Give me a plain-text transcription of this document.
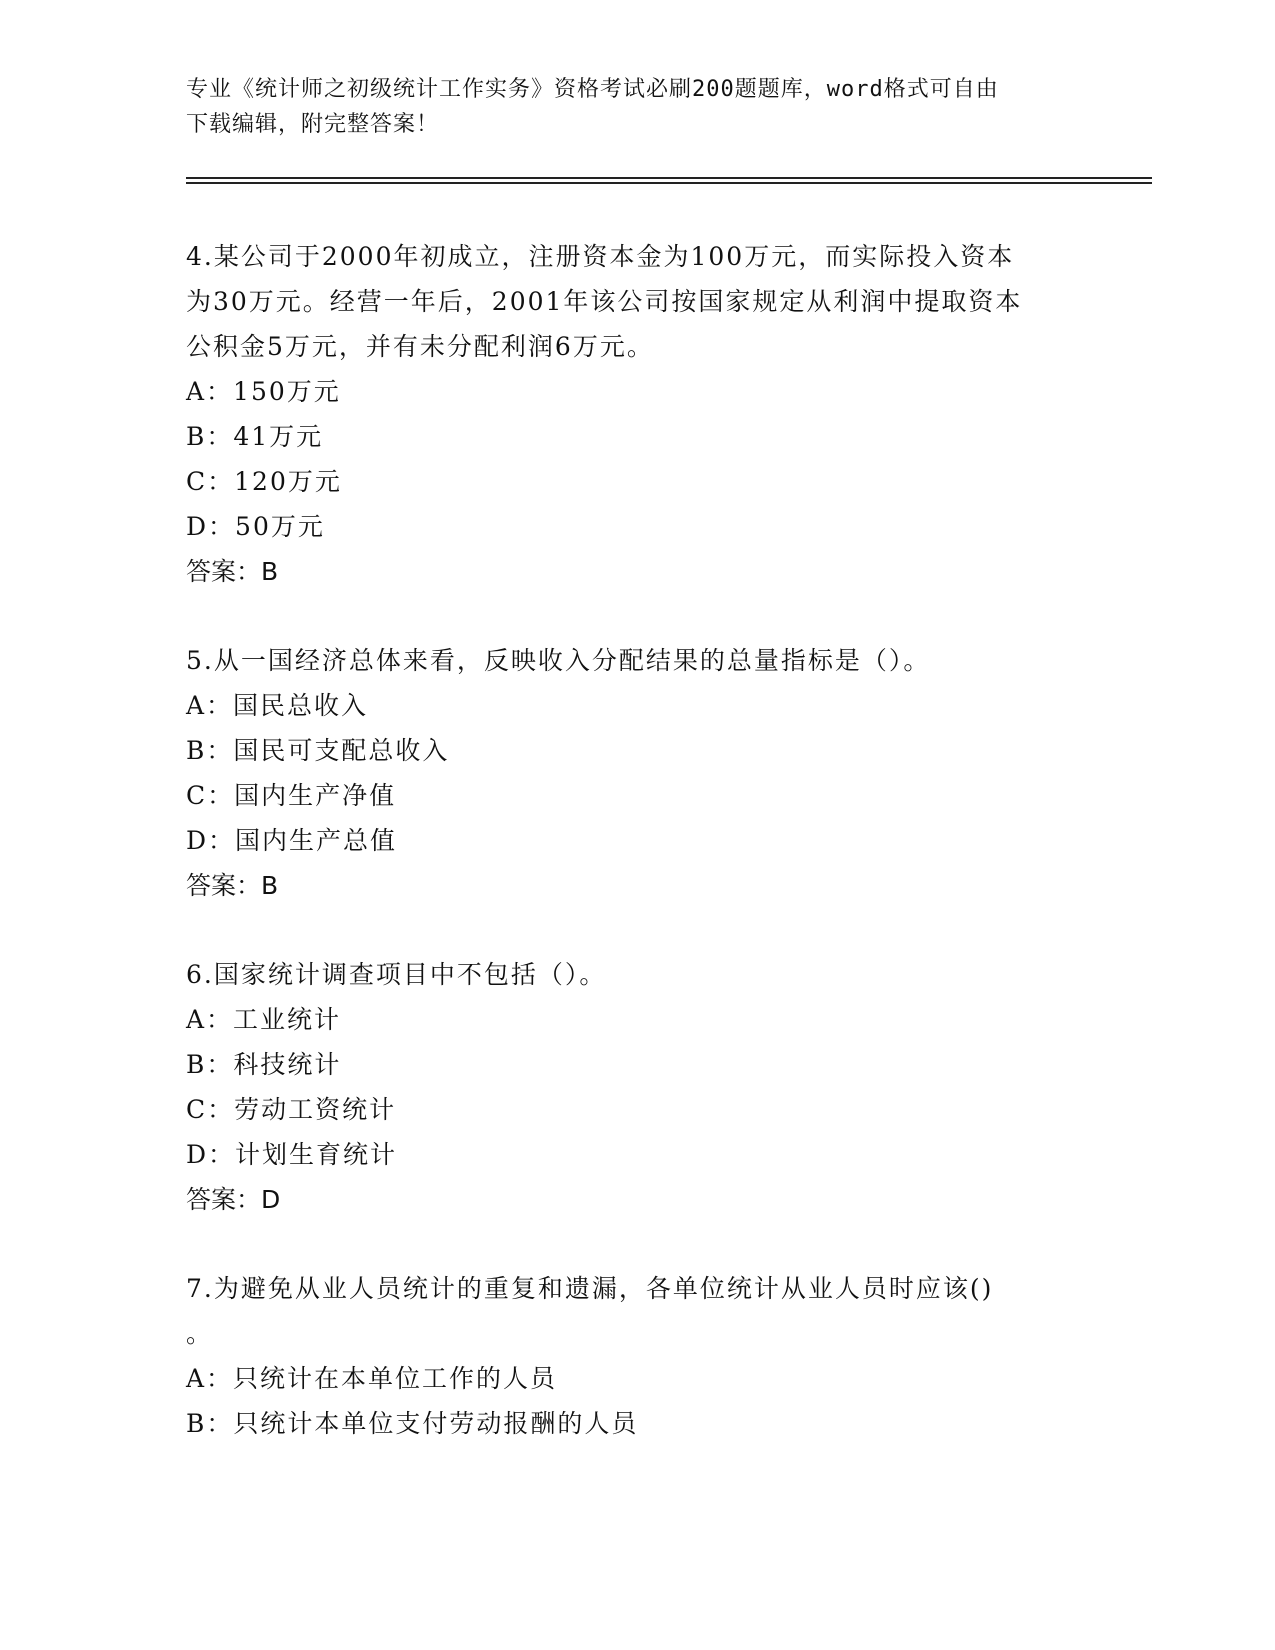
专业《统计师之初级统计工作实务》资格考试必刷200题题库，word格式可自由
下载编辑，附完整答案！

4.某公司于2000年初成立，注册资本金为100万元，而实际投入资本

为30万元。经营一年后，2001年该公司按国家规定从利润中提取资本

公积金5万元，并有未分配利润6万元。

A：150万元

B：41万元

C：120万元

D：50万元

答案：B

5.从一国经济总体来看，反映收入分配结果的总量指标是（）。

A：国民总收入

B：国民可支配总收入

C：国内生产净值

D：国内生产总值

答案：B

6.国家统计调查项目中不包括（）。

A：工业统计

B：科技统计

C：劳动工资统计

D：计划生育统计

答案：D

7.为避免从业人员统计的重复和遗漏，各单位统计从业人员时应该()

。

A：只统计在本单位工作的人员

B：只统计本单位支付劳动报酬的人员
